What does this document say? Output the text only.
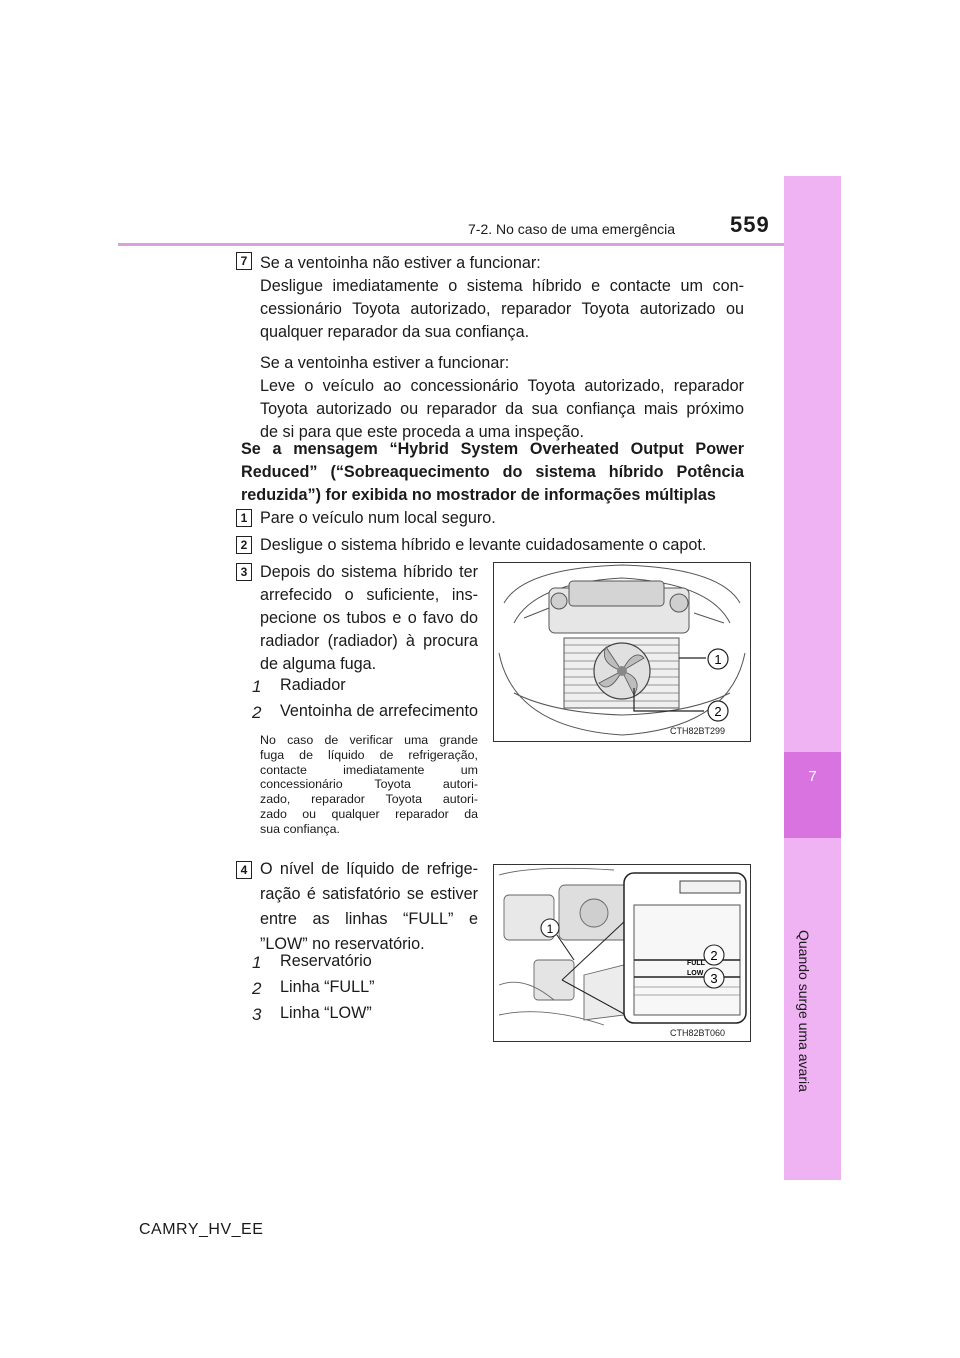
7
Quando surge uma avaria
7-2. No caso de uma emergência	559
7 Se a ventoinha não estiver a funcionar:
Desligue imediatamente o sistema híbrido e contacte um con-
cessionário Toyota autorizado, reparador Toyota autorizado ou
qualquer reparador da sua confiança.
Se a ventoinha estiver a funcionar:
Leve o veículo ao concessionário Toyota autorizado, reparador
Toyota autorizado ou reparador da sua confiança mais próximo
de si para que este proceda a uma inspeção.
Se a mensagem “Hybrid System Overheated Output Power
Reduced” (“Sobreaquecimento do sistema híbrido Potência
reduzida”) for exibida no mostrador de informações múltiplas
1 Pare o veículo num local seguro.
2 Desligue o sistema híbrido e levante cuidadosamente o capot.
3 Depois do sistema híbrido ter
arrefecido o suficiente, ins-
pecione os tubos e o favo do
radiador (radiador) à procura
de alguma fuga.
1 Radiador
2 Ventoinha de arrefecimento
No caso de verificar uma grande
fuga de líquido de refrigeração,
contacte imediatamente um
concessionário Toyota autori-
zado, reparador Toyota autori-
zado ou qualquer reparador da
sua confiança.
1
2
CTH82BT299
4 O nível de líquido de refrige-
ração é satisfatório se estiver
entre as linhas “FULL” e
”LOW” no reservatório.
1 Reservatório
2 Linha “FULL”
3 Linha “LOW”
FULL
LOW
1
2
3
CTH82BT060
CAMRY_HV_EE
